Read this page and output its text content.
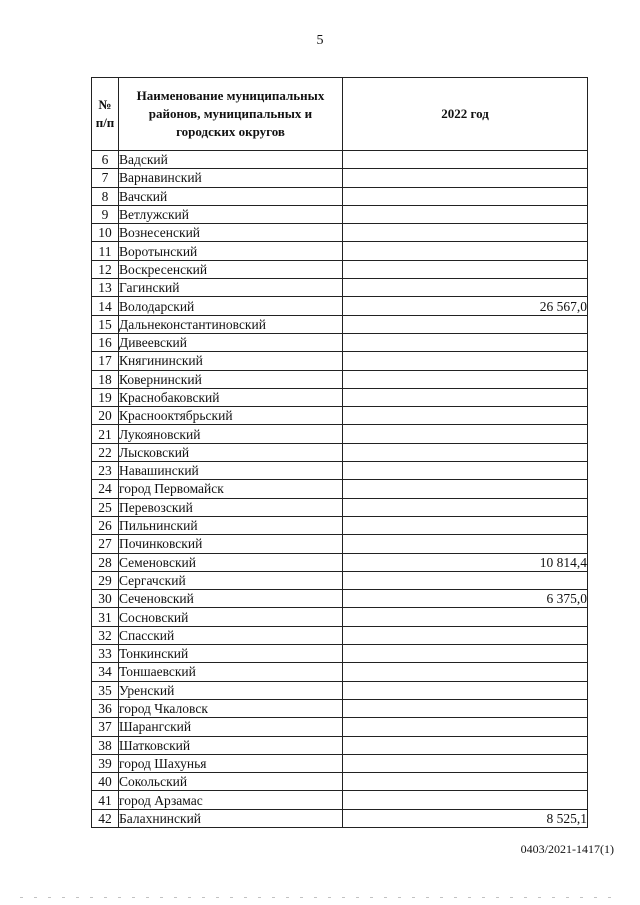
5
№ п/п	Наименование муниципальных районов, муниципальных и городских округов	2022 год
6	Вадский	
7	Варнавинский	
8	Вачский	
9	Ветлужский	
10	Вознесенский	
11	Воротынский	
12	Воскресенский	
13	Гагинский	
14	Володарский	26 567,0
15	Дальнеконстантиновский	
16	Дивеевский	
17	Княгининский	
18	Ковернинский	
19	Краснобаковский	
20	Краснооктябрьский	
21	Лукояновский	
22	Лысковский	
23	Навашинский	
24	город Первомайск	
25	Перевозский	
26	Пильнинский	
27	Починковский	
28	Семеновский	10 814,4
29	Сергачский	
30	Сеченовский	6 375,0
31	Сосновский	
32	Спасский	
33	Тонкинский	
34	Тоншаевский	
35	Уренский	
36	город Чкаловск	
37	Шарангский	
38	Шатковский	
39	город Шахунья	
40	Сокольский	
41	город Арзамас	
42	Балахнинский	8 525,1
0403/2021-1417(1)
